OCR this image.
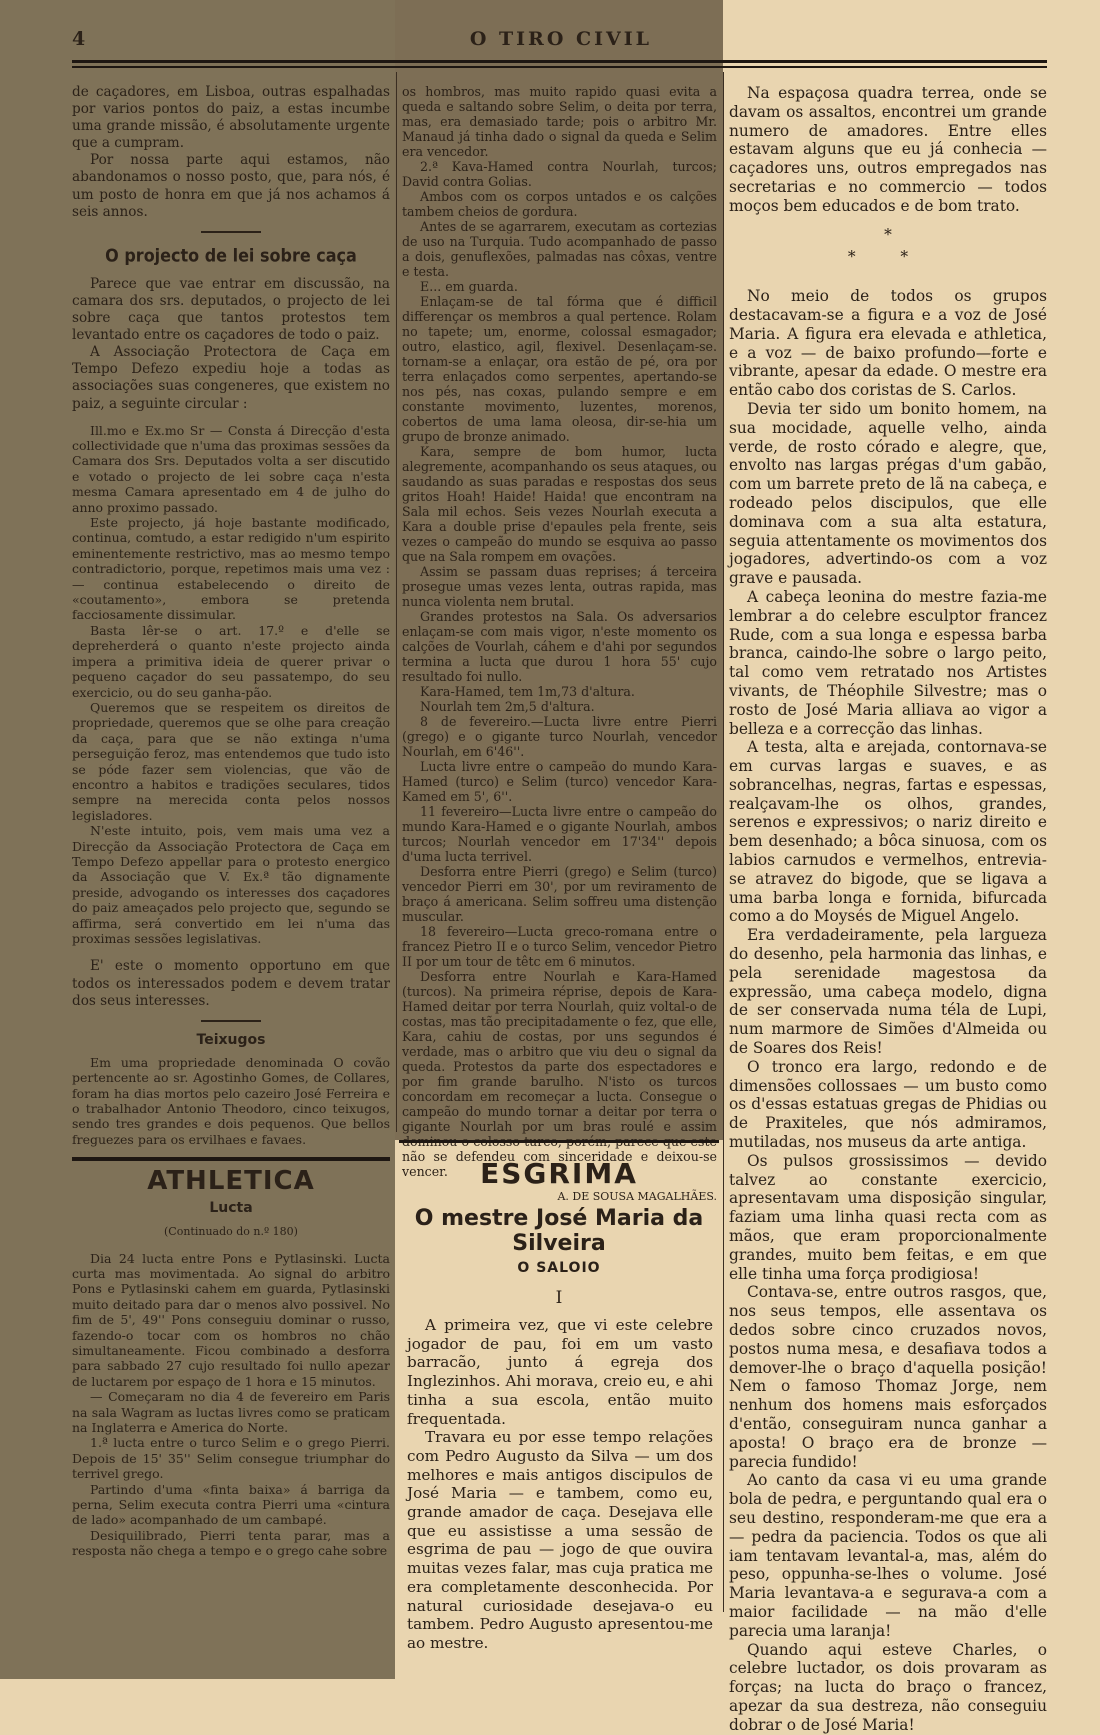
4	O TIRO CIVIL

de caçadores, em Lisboa, outras espalhadas por varios pontos do paiz, a estas incumbe uma grande missão, é absolutamente urgente que a cumpram.

Por nossa parte aqui estamos, não abandonamos o nosso posto, que, para nós, é um posto de honra em que já nos achamos á seis annos.

O projecto de lei sobre caça

Parece que vae entrar em discussão, na camara dos srs. deputados, o projecto de lei sobre caça que tantos protestos tem levantado entre os caçadores de todo o paiz.

A Associação Protectora de Caça em Tempo Defezo expediu hoje a todas as associações suas congeneres, que existem no paiz, a seguinte circular :

Ill.mo e Ex.mo Sr — Consta á Direcção d'esta collectividade que n'uma das proximas sessões da Camara dos Srs. Deputados volta a ser discutido e votado o projecto de lei sobre caça n'esta mesma Camara apresentado em 4 de julho do anno proximo passado.

Este projecto, já hoje bastante modificado, continua, comtudo, a estar redigido n'um espirito eminentemente restrictivo, mas ao mesmo tempo contradictorio, porque, repetimos mais uma vez : — continua estabelecendo o direito de «coutamento», embora se pretenda facciosamente dissimular.

Basta lêr-se o art. 17.º e d'elle se depreherderá o quanto n'este projecto ainda impera a primitiva ideia de querer privar o pequeno caçador do seu passatempo, do seu exercicio, ou do seu ganha-pão.

Queremos que se respeitem os direitos de propriedade, queremos que se olhe para creação da caça, para que se não extinga n'uma perseguição feroz, mas entendemos que tudo isto se póde fazer sem violencias, que vão de encontro a habitos e tradições seculares, tidos sempre na merecida conta pelos nossos legisladores.

N'este intuito, pois, vem mais uma vez a Direcção da Associação Protectora de Caça em Tempo Defezo appellar para o protesto energico da Associação que V. Ex.ª tão dignamente preside, advogando os interesses dos caçadores do paiz ameaçados pelo projecto que, segundo se affirma, será convertido em lei n'uma das proximas sessões legislativas.

E' este o momento opportuno em que todos os interessados podem e devem tratar dos seus interesses.

Teixugos

Em uma propriedade denominada O covão pertencente ao sr. Agostinho Gomes, de Collares, foram ha dias mortos pelo cazeiro José Ferreira e o trabalhador Antonio Theodoro, cinco teixugos, sendo tres grandes e dois pequenos. Que bellos freguezes para os ervilhaes e favaes.

ATHLETICA
Lucta
(Continuado do n.º 180)

Dia 24 lucta entre Pons e Pytlasinski. Lucta curta mas movimentada. Ao signal do arbitro Pons e Pytlasinski cahem em guarda, Pytlasinski muito deitado para dar o menos alvo possivel. No fim de 5', 49'' Pons conseguiu dominar o russo, fazendo-o tocar com os hombros no chão simultaneamente. Ficou combinado a desforra para sabbado 27 cujo resultado foi nullo apezar de luctarem por espaço de 1 hora e 15 minutos.

— Começaram no dia 4 de fevereiro em Paris na sala Wagram as luctas livres como se praticam na Inglaterra e America do Norte.

1.ª lucta entre o turco Selim e o grego Pierri. Depois de 15' 35'' Selim consegue triumphar do terrivel grego.

Partindo d'uma «finta baixa» á barriga da perna, Selim executa contra Pierri uma «cintura de lado» acompanhado de um cambapé.

Desiquilibrado, Pierri tenta parar, mas a resposta não chega a tempo e o grego cahe sobre

os hombros, mas muito rapido quasi evita a queda e saltando sobre Selim, o deita por terra, mas, era demasiado tarde; pois o arbitro Mr. Manaud já tinha dado o signal da queda e Selim era vencedor.

2.ª Kava-Hamed contra Nourlah, turcos; David contra Golias.

Ambos com os corpos untados e os calções tambem cheios de gordura.

Antes de se agarrarem, executam as cortezias de uso na Turquia. Tudo acompanhado de passo a dois, genuflexões, palmadas nas côxas, ventre e testa.

E... em guarda.

Enlaçam-se de tal fórma que é difficil differençar os membros a qual pertence. Rolam no tapete; um, enorme, colossal esmagador; outro, elastico, agil, flexivel. Desenlaçam-se. tornam-se a enlaçar, ora estão de pé, ora por terra enlaçados como serpentes, apertando-se nos pés, nas coxas, pulando sempre e em constante movimento, luzentes, morenos, cobertos de uma lama oleosa, dir-se-hia um grupo de bronze animado.

Kara, sempre de bom humor, lucta alegremente, acompanhando os seus ataques, ou saudando as suas paradas e respostas dos seus gritos Hoah! Haide! Haida! que encontram na Sala mil echos. Seis vezes Nourlah executa a Kara a double prise d'epaules pela frente, seis vezes o campeão do mundo se esquiva ao passo que na Sala rompem em ovações.

Assim se passam duas reprises; á terceira prosegue umas vezes lenta, outras rapida, mas nunca violenta nem brutal.

Grandes protestos na Sala. Os adversarios enlaçam-se com mais vigor, n'este momento os calções de Vourlah, cáhem e d'ahi por segundos termina a lucta que durou 1 hora 55' cujo resultado foi nullo.

Kara-Hamed, tem 1m,73 d'altura.

Nourlah tem 2m,5 d'altura.

8 de fevereiro.—Lucta livre entre Pierri (grego) e o gigante turco Nourlah, vencedor Nourlah, em 6'46''.

Lucta livre entre o campeão do mundo Kara-Hamed (turco) e Selim (turco) vencedor Kara-Kamed em 5', 6''.

11 fevereiro—Lucta livre entre o campeão do mundo Kara-Hamed e o gigante Nourlah, ambos turcos; Nourlah vencedor em 17'34'' depois d'uma lucta terrivel.

Desforra entre Pierri (grego) e Selim (turco) vencedor Pierri em 30', por um reviramento de braço á americana. Selim soffreu uma distenção muscular.

18 fevereiro—Lucta greco-romana entre o francez Pietro II e o turco Selim, vencedor Pietro II por um tour de têtc em 6 minutos.

Desforra entre Nourlah e Kara-Hamed (turcos). Na primeira réprise, depois de Kara-Hamed deitar por terra Nourlah, quiz voltal-o de costas, mas tão precipitadamente o fez, que elle, Kara, cahiu de costas, por uns segundos é verdade, mas o arbitro que viu deu o signal da queda. Protestos da parte dos espectadores e por fim grande barulho. N'isto os turcos concordam em recomeçar a lucta. Consegue o campeão do mundo tornar a deitar por terra o gigante Nourlah por um bras roulé e assim não se defendeu com sinceridade e deixou-se vencer.

A. DE SOUSA MAGALHÃES.
ESGRIMA
O mestre José Maria da Silveira
O SALOIO
I

A primeira vez, que vi este celebre jogador de pau, foi em um vasto barracão, junto á egreja dos Inglezinhos. Ahi morava, creio eu, e ahi tinha a sua escola, então muito frequentada.

Travara eu por esse tempo relações com Pedro Augusto da Silva — um dos melhores e mais antigos discipulos de José Maria — e tambem, como eu, grande amador de caça. Desejava elle que eu assistisse a uma sessão de esgrima de pau — jogo de que ouvira muitas vezes falar, mas cuja pratica me era completamente desconhecida. Por natural curiosidade desejava-o eu tambem. Pedro Augusto apresentou-me ao mestre.

Na espaçosa quadra terrea, onde se davam os assaltos, encontrei um grande numero de amadores. Entre elles estavam alguns que eu já conhecia — caçadores uns, outros empregados nas secretarias e no commercio — todos moços bem educados e de bom trato.

*
* *

No meio de todos os grupos destacavam-se a figura e a voz de José Maria. A figura era elevada e athletica, e a voz — de baixo profundo—forte e vibrante, apesar da edade. O mestre era então cabo dos coristas de S. Carlos.

Devia ter sido um bonito homem, na sua mocidade, aquelle velho, ainda verde, de rosto córado e alegre, que, envolto nas largas prégas d'um gabão, com um barrete preto de lã na cabeça, e rodeado pelos discipulos, que elle dominava com a sua alta estatura, seguia attentamente os movimentos dos jogadores, advertindo-os com a voz grave e pausada.

A cabeça leonina do mestre fazia-me lembrar a do celebre esculptor francez Rude, com a sua longa e espessa barba branca, caindo-lhe sobre o largo peito, tal como vem retratado nos Artistes vivants, de Théophile Silvestre; mas o rosto de José Maria alliava ao vigor a belleza e a correcção das linhas.

A testa, alta e arejada, contornava-se em curvas largas e suaves, e as sobrancelhas, negras, fartas e espessas, realçavam-lhe os olhos, grandes, serenos e expressivos; o nariz direito e bem desenhado; a bôca sinuosa, com os labios carnudos e vermelhos, entrevia-se atravez do bigode, que se ligava a uma barba longa e fornida, bifurcada como a do Moysés de Miguel Angelo.

Era verdadeiramente, pela largueza do desenho, pela harmonia das linhas, e pela serenidade magestosa da expressão, uma cabeça modelo, digna de ser conservada numa téla de Lupi, num marmore de Simões d'Almeida ou de Soares dos Reis!

O tronco era largo, redondo e de dimensões collossaes — um busto como os d'essas estatuas gregas de Phidias ou de Praxiteles, que nós admiramos, mutiladas, nos museus da arte antiga.

Os pulsos grossissimos — devido talvez ao constante exercicio, apresentavam uma disposição singular, faziam uma linha quasi recta com as mãos, que eram proporcionalmente grandes, muito bem feitas, e em que elle tinha uma força prodigiosa!

Contava-se, entre outros rasgos, que, nos seus tempos, elle assentava os dedos sobre cinco cruzados novos, postos numa mesa, e desafiava todos a demover-lhe o braço d'aquella posição! Nem o famoso Thomaz Jorge, nem nenhum dos homens mais esforçados d'então, conseguiram nunca ganhar a aposta! O braço era de bronze — parecia fundido!

Ao canto da casa vi eu uma grande bola de pedra, e perguntando qual era o seu destino, responderam-me que era a — pedra da paciencia. Todos os que ali iam tentavam levantal-a, mas, além do peso, oppunha-se-lhes o volume. José Maria levantava-a e segurava-a com a maior facilidade — na mão d'elle parecia uma laranja!

Quando aqui esteve Charles, o celebre luctador, os dois provaram as forças; na lucta do braço o francez, apezar da sua destreza, não conseguiu dobrar o de José Maria!
